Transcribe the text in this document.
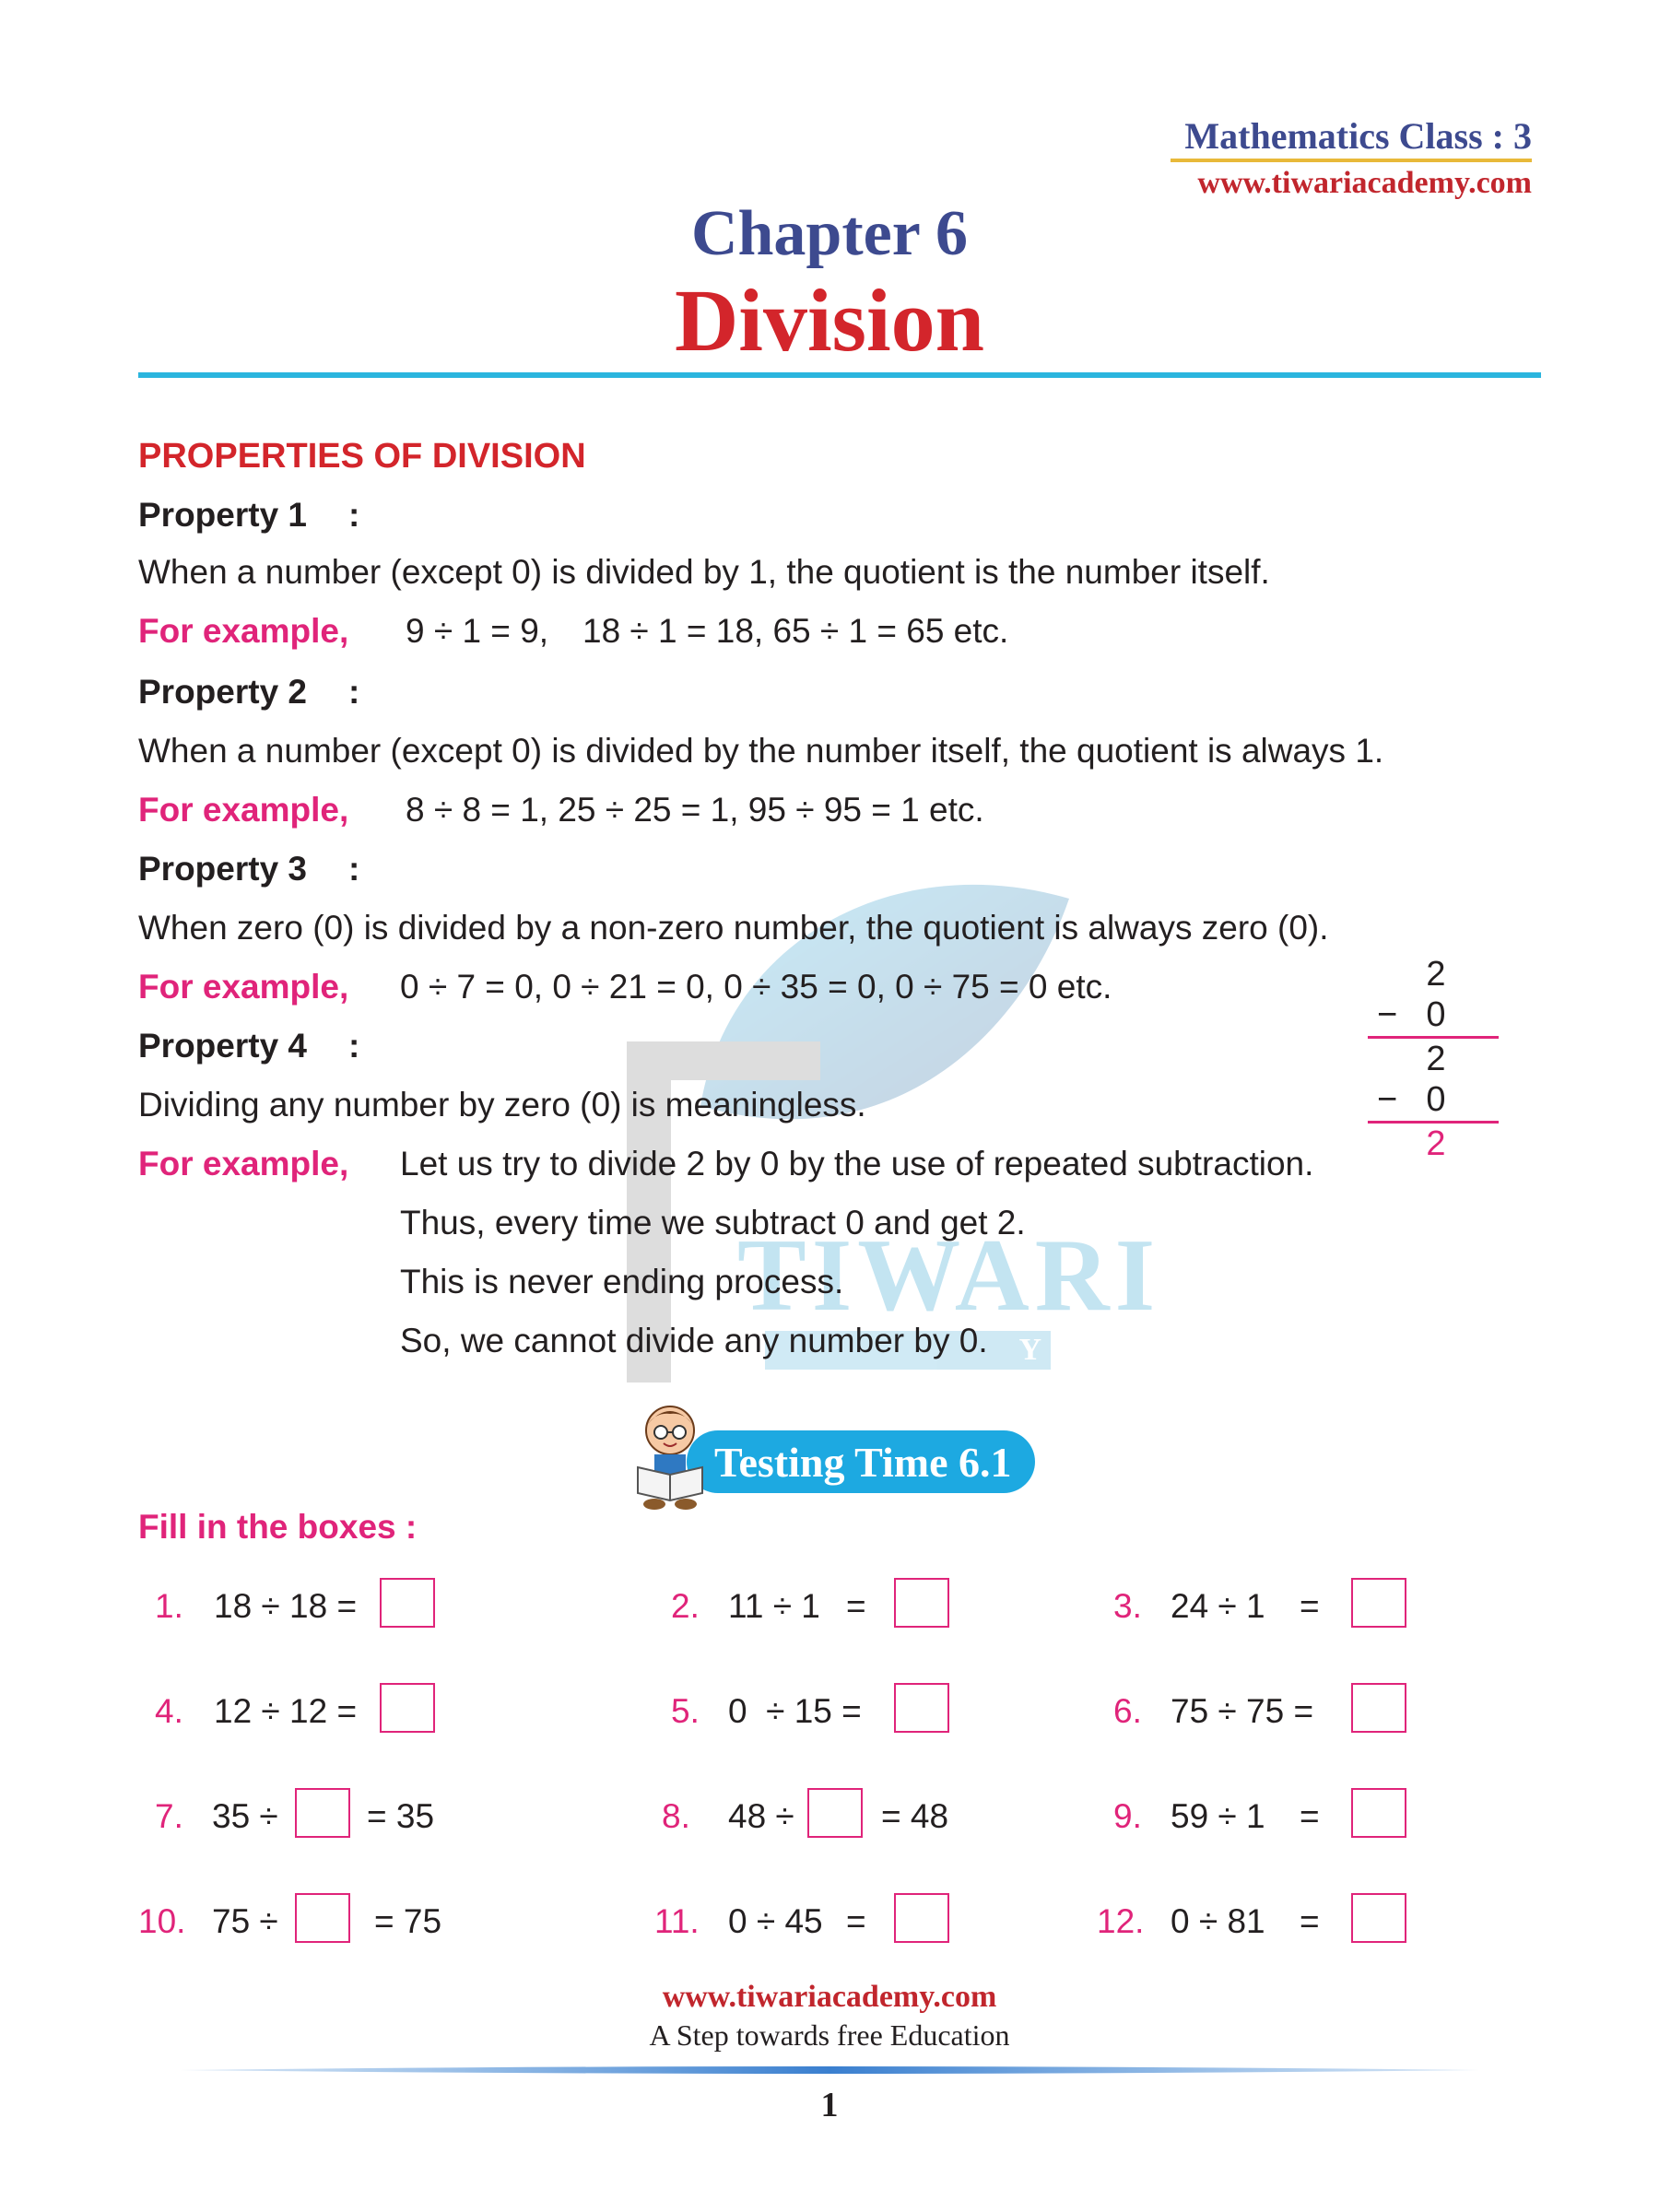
Mathematics Class : 3
www.tiwariacademy.com
Chapter 6
Division
TIWARI
Y
PROPERTIES OF DIVISION
Property 1 :
When a number (except 0) is divided by 1, the quotient is the number itself.
For example, 9 ÷ 1 = 9, 18 ÷ 1 = 18, 65 ÷ 1 = 65 etc.
Property 2 :
When a number (except 0) is divided by the number itself, the quotient is always 1.
For example, 8 ÷ 8 = 1, 25 ÷ 25 = 1, 95 ÷ 95 = 1 etc.
Property 3 :
When zero (0) is divided by a non-zero number, the quotient is always zero (0).
For example, 0 ÷ 7 = 0, 0 ÷ 21 = 0, 0 ÷ 35 = 0, 0 ÷ 75 = 0 etc.
Property 4 :
Dividing any number by zero (0) is meaningless.
For example, Let us try to divide 2 by 0 by the use of repeated subtraction.
Thus, every time we subtract 0 and get 2.
This is never ending process.
So, we cannot divide any number by 0.
2
− 0
2
− 0
2
Testing Time 6.1
Fill in the boxes :
1. 18 ÷ 18 =	2. 11 ÷ 1 =	3. 24 ÷ 1 =
4. 12 ÷ 12 =	5. 0  ÷ 15 =	6. 75 ÷ 75 =
7. 35 ÷	= 35	8. 48 ÷	= 48	9. 59 ÷ 1 =
10. 75 ÷	= 75	11. 0 ÷ 45 =	12. 0 ÷ 81 =
www.tiwariacademy.com
A Step towards free Education
1
